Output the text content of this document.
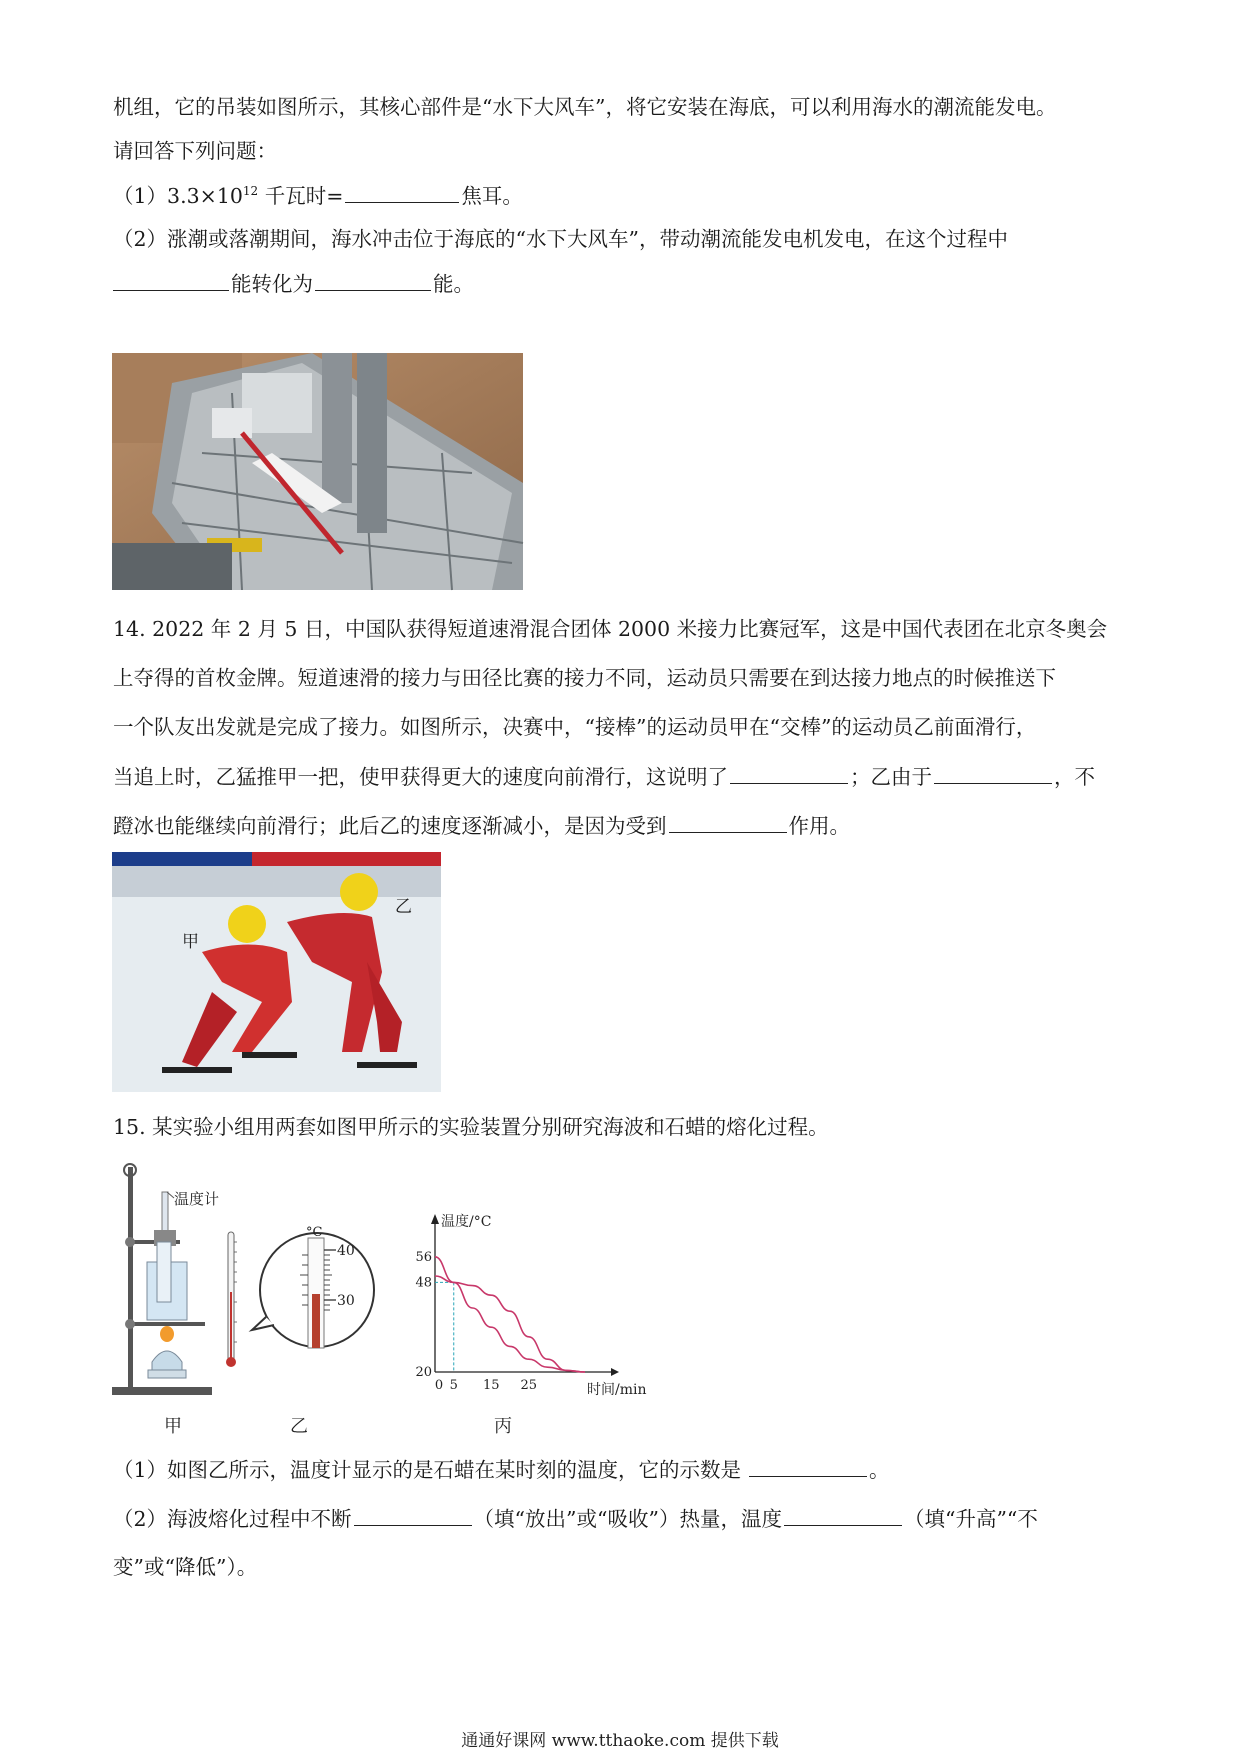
机组，它的吊装如图所示，其核心部件是“水下大风车”，将它安装在海底，可以利用海水的潮流能发电。
请回答下列问题：
$(1)3.3\times 10^{12}$ 千瓦时=	焦耳。
（2）涨潮或落潮期间，海水冲击位于海底的“水下大风车”，带动潮流能发电机发电，在这个过程中
能转化为	能。
14. 2022 年 2 月 5 日，中国队获得短道速滑混合团体 2000 米接力比赛冠军，这是中国代表团在北京冬奥会
上夺得的首枚金牌。短道速滑的接力与田径比赛的接力不同，运动员只需要在到达接力地点的时候推送下
一个队友出发就是完成了接力。如图所示，决赛中，“接棒”的运动员甲在“交棒”的运动员乙前面滑行，
当追上时，乙猛推甲一把，使甲获得更大的速度向前滑行，这说明了	；乙由于	，不
蹬冰也能继续向前滑行；此后乙的速度逐渐减小，是因为受到	作用。
甲
乙
15. 某实验小组用两套如图甲所示的实验装置分别研究海波和石蜡的熔化过程。
温度计
°C
40
30
温度/°C
时间/min
56
48
20
0 5 15 25
甲	乙	丙
（1）如图乙所示，温度计显示的是石蜡在某时刻的温度，它的示数是	。
（2）海波熔化过程中不断	（填“放出”或“吸收”）热量，温度	（填“升高”“不
变”或“降低”）。
通通好课网 www.tthaoke.com 提供下载
